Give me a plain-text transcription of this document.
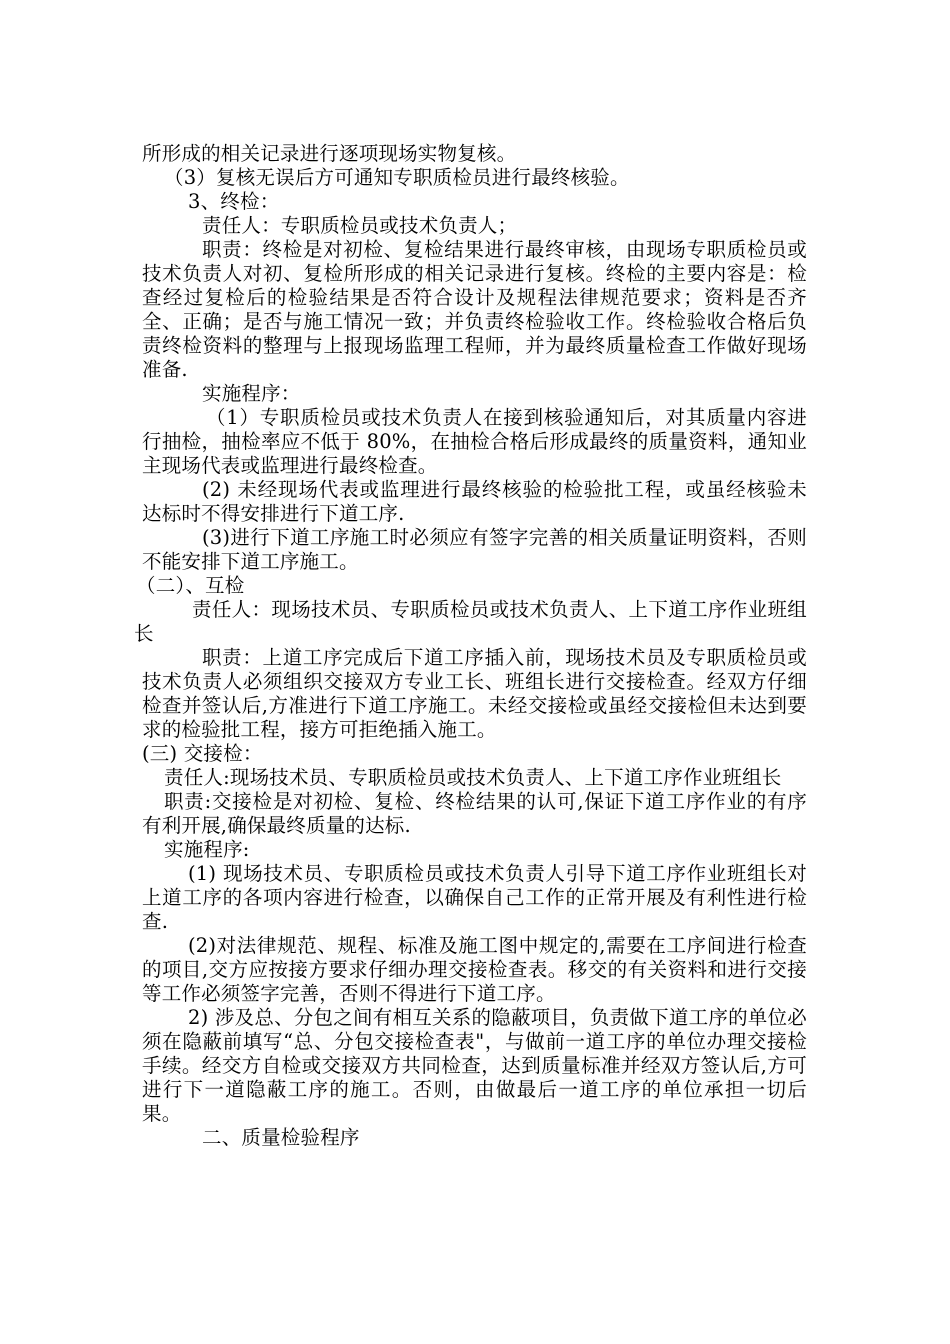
所形成的相关记录进行逐项现场实物复核。

（3）复核无误后方可通知专职质检员进行最终核验。

3、终检：

责任人：专职质检员或技术负责人；

职责：终检是对初检、复检结果进行最终审核，由现场专职质检员或技术负责人对初、复检所形成的相关记录进行复核。终检的主要内容是：检查经过复检后的检验结果是否符合设计及规程法律规范要求；资料是否齐全、正确；是否与施工情况一致；并负责终检验收工作。终检验收合格后负责终检资料的整理与上报现场监理工程师，并为最终质量检查工作做好现场准备.

实施程序：

（1）专职质检员或技术负责人在接到核验通知后，对其质量内容进行抽检，抽检率应不低于 80%，在抽检合格后形成最终的质量资料，通知业主现场代表或监理进行最终检查。

(2) 未经现场代表或监理进行最终核验的检验批工程，或虽经核验未达标时不得安排进行下道工序.

(3)进行下道工序施工时必须应有签字完善的相关质量证明资料，否则不能安排下道工序施工。

（二）、互检

责任人：现场技术员、专职质检员或技术负责人、上下道工序作业班组长

职责：上道工序完成后下道工序插入前，现场技术员及专职质检员或技术负责人必须组织交接双方专业工长、班组长进行交接检查。经双方仔细检查并签认后,方准进行下道工序施工。未经交接检或虽经交接检但未达到要求的检验批工程，接方可拒绝插入施工。

(三) 交接检：

责任人:现场技术员、专职质检员或技术负责人、上下道工序作业班组长

职责:交接检是对初检、复检、终检结果的认可,保证下道工序作业的有序有利开展,确保最终质量的达标.

实施程序:

(1) 现场技术员、专职质检员或技术负责人引导下道工序作业班组长对上道工序的各项内容进行检查，以确保自己工作的正常开展及有利性进行检查.

(2)对法律规范、规程、标准及施工图中规定的,需要在工序间进行检查的项目,交方应按接方要求仔细办理交接检查表。移交的有关资料和进行交接等工作必须签字完善，否则不得进行下道工序。

2) 涉及总、分包之间有相互关系的隐蔽项目，负责做下道工序的单位必须在隐蔽前填写“总、分包交接检查表"，与做前一道工序的单位办理交接检手续。经交方自检或交接双方共同检查，达到质量标准并经双方签认后,方可进行下一道隐蔽工序的施工。否则，由做最后一道工序的单位承担一切后果。

二、质量检验程序
